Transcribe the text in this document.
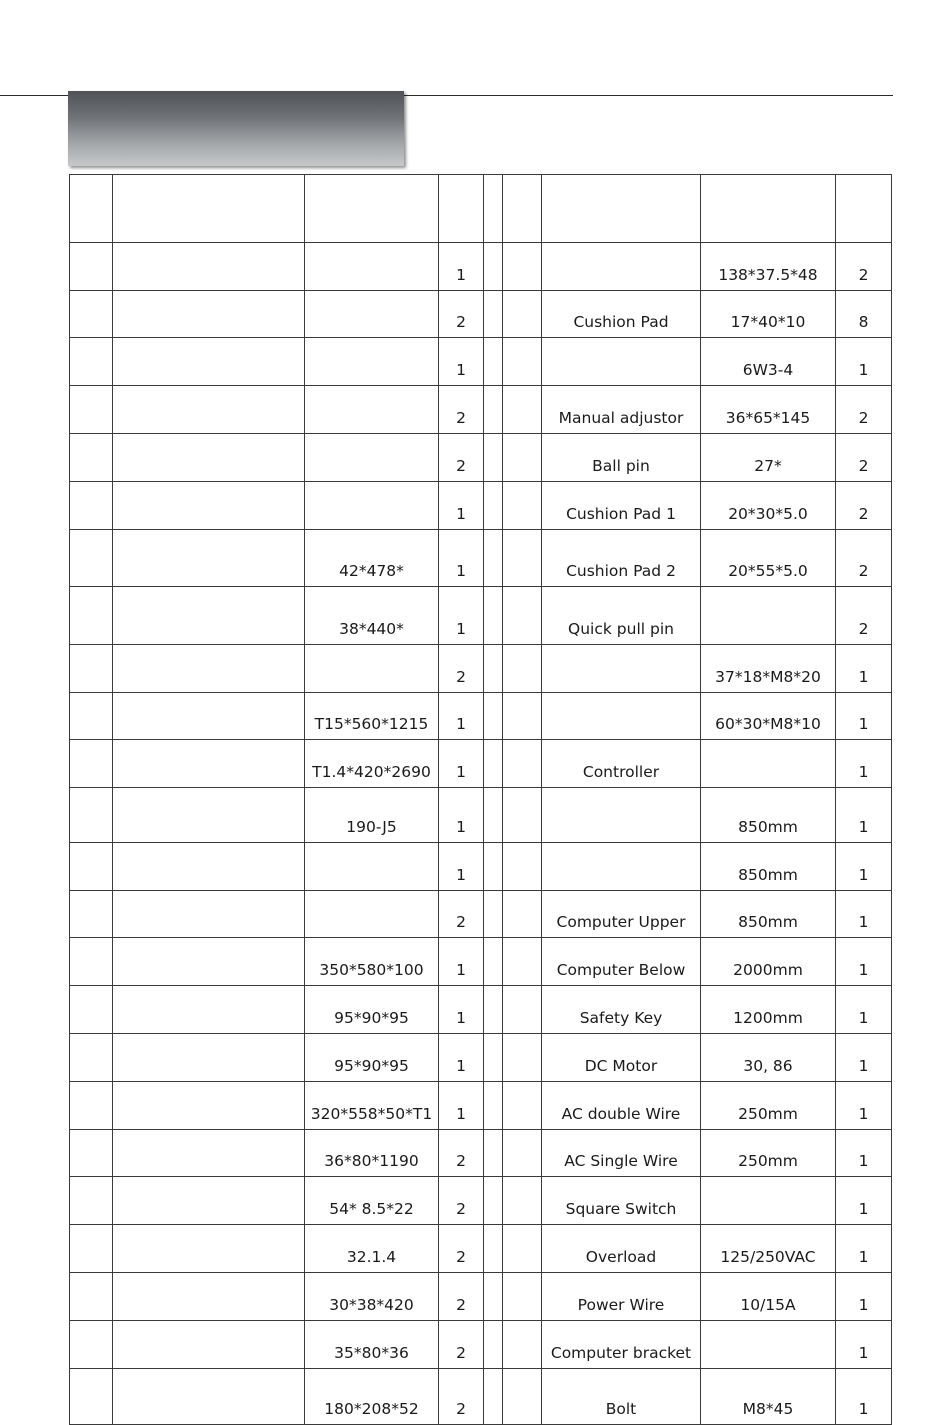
			1				138*37.5*48	2
			2			Cushion Pad	17*40*10	8
			1				6W3-4	1
			2			Manual adjustor	36*65*145	2
			2			Ball pin	27*	2
			1			Cushion Pad 1	20*30*5.0	2
		42*478*	1			Cushion Pad 2	20*55*5.0	2
		38*440*	1			Quick pull pin		2
			2				37*18*M8*20	1
		T15*560*1215	1				60*30*M8*10	1
		T1.4*420*2690	1			Controller		1
		190-J5	1				850mm	1
			1				850mm	1
			2			Computer Upper	850mm	1
		350*580*100	1			Computer Below	2000mm	1
		95*90*95	1			Safety Key	1200mm	1
		95*90*95	1			DC Motor	30, 86	1
		320*558*50*T1	1			AC double Wire	250mm	1
		36*80*1190	2			AC Single Wire	250mm	1
		54* 8.5*22	2			Square Switch		1
		32.1.4	2			Overload	125/250VAC	1
		30*38*420	2			Power Wire	10/15A	1
		35*80*36	2			Computer bracket		1
		180*208*52	2			Bolt	M8*45	1
